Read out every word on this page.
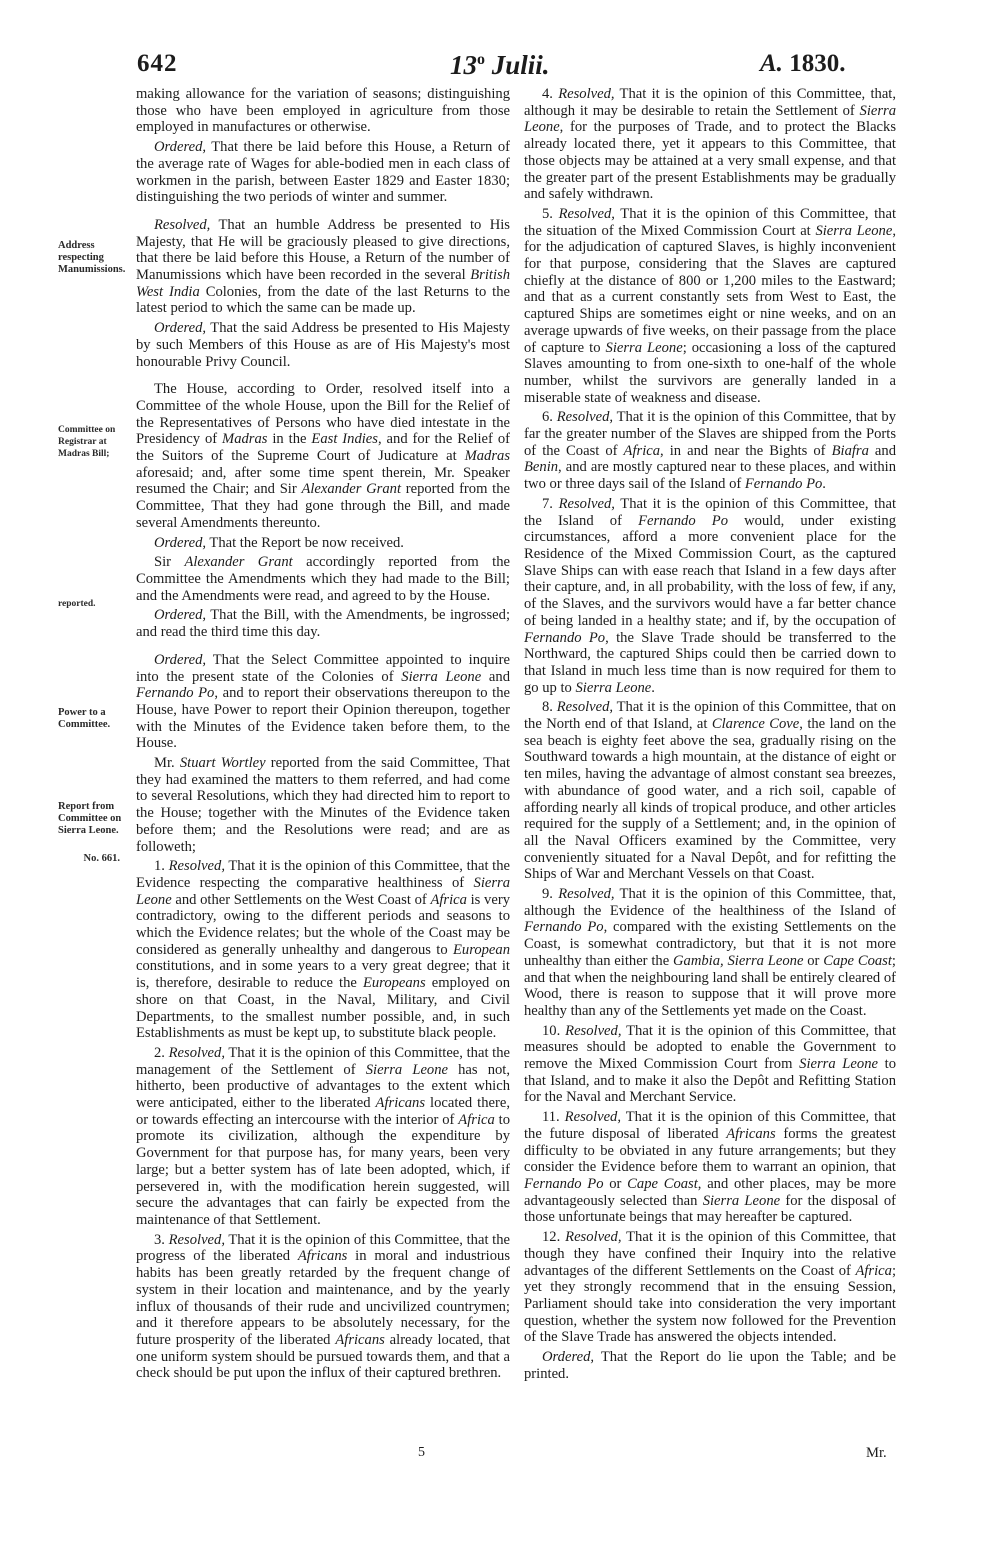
642	13$^o$ Julii.	A. 1830.
Address respecting Manumissions.
Committee on Registrar at Madras Bill;
reported.
Power to a Committee.
Report from Committee on Sierra Leone.
No. 661.

making allowance for the variation of seasons; distinguishing those who have been employed in agriculture from those employed in manufactures or otherwise.

Ordered, That there be laid before this House, a Return of the average rate of Wages for able-bodied men in each class of workmen in the parish, between Easter 1829 and Easter 1830; distinguishing the two periods of winter and summer.

Resolved, That an humble Address be presented to His Majesty, that He will be graciously pleased to give directions, that there be laid before this House, a Return of the number of Manumissions which have been recorded in the several British West India Colonies, from the date of the last Returns to the latest period to which the same can be made up.

Ordered, That the said Address be presented to His Majesty by such Members of this House as are of His Majesty's most honourable Privy Council.

The House, according to Order, resolved itself into a Committee of the whole House, upon the Bill for the Relief of the Representatives of Persons who have died intestate in the Presidency of Madras in the East Indies, and for the Relief of the Suitors of the Supreme Court of Judicature at Madras aforesaid; and, after some time spent therein, Mr. Speaker resumed the Chair; and Sir Alexander Grant reported from the Committee, That they had gone through the Bill, and made several Amendments thereunto.

Ordered, That the Report be now received.

Sir Alexander Grant accordingly reported from the Committee the Amendments which they had made to the Bill; and the Amendments were read, and agreed to by the House.

Ordered, That the Bill, with the Amendments, be ingrossed; and read the third time this day.

Ordered, That the Select Committee appointed to inquire into the present state of the Colonies of Sierra Leone and Fernando Po, and to report their observations thereupon to the House, have Power to report their Opinion thereupon, together with the Minutes of the Evidence taken before them, to the House.

Mr. Stuart Wortley reported from the said Committee, That they had examined the matters to them referred, and had come to several Resolutions, which they had directed him to report to the House; together with the Minutes of the Evidence taken before them; and the Resolutions were read; and are as followeth;

1. Resolved, That it is the opinion of this Committee, that the Evidence respecting the comparative healthiness of Sierra Leone and other Settlements on the West Coast of Africa is very contradictory, owing to the different periods and seasons to which the Evidence relates; but the whole of the Coast may be considered as generally unhealthy and dangerous to European constitutions, and in some years to a very great degree; that it is, therefore, desirable to reduce the Europeans employed on shore on that Coast, in the Naval, Military, and Civil Departments, to the smallest number possible, and, in such Establishments as must be kept up, to substitute black people.

2. Resolved, That it is the opinion of this Committee, that the management of the Settlement of Sierra Leone has not, hitherto, been productive of advantages to the extent which were anticipated, either to the liberated Africans located there, or towards effecting an intercourse with the interior of Africa to promote its civilization, although the expenditure by Government for that purpose has, for many years, been very large; but a better system has of late been adopted, which, if persevered in, with the modification herein suggested, will secure the advantages that can fairly be expected from the maintenance of that Settlement.

3. Resolved, That it is the opinion of this Committee, that the progress of the liberated Africans in moral and industrious habits has been greatly retarded by the frequent change of system in their location and maintenance, and by the yearly influx of thousands of their rude and uncivilized countrymen; and it therefore appears to be absolutely necessary, for the future prosperity of the liberated Africans already located, that one uniform system should be pursued towards them, and that a check should be put upon the influx of their captured brethren.

4. Resolved, That it is the opinion of this Committee, that, although it may be desirable to retain the Settlement of Sierra Leone, for the purposes of Trade, and to protect the Blacks already located there, yet it appears to this Committee, that those objects may be attained at a very small expense, and that the greater part of the present Establishments may be gradually and safely withdrawn.

5. Resolved, That it is the opinion of this Committee, that the situation of the Mixed Commission Court at Sierra Leone, for the adjudication of captured Slaves, is highly inconvenient for that purpose, considering that the Slaves are captured chiefly at the distance of 800 or 1,200 miles to the Eastward; and that as a current constantly sets from West to East, the captured Ships are sometimes eight or nine weeks, and on an average upwards of five weeks, on their passage from the place of capture to Sierra Leone; occasioning a loss of the captured Slaves amounting to from one-sixth to one-half of the whole number, whilst the survivors are generally landed in a miserable state of weakness and disease.

6. Resolved, That it is the opinion of this Committee, that by far the greater number of the Slaves are shipped from the Ports of the Coast of Africa, in and near the Bights of Biafra and Benin, and are mostly captured near to these places, and within two or three days sail of the Island of Fernando Po.

7. Resolved, That it is the opinion of this Committee, that the Island of Fernando Po would, under existing circumstances, afford a more convenient place for the Residence of the Mixed Commission Court, as the captured Slave Ships can with ease reach that Island in a few days after their capture, and, in all probability, with the loss of few, if any, of the Slaves, and the survivors would have a far better chance of being landed in a healthy state; and if, by the occupation of Fernando Po, the Slave Trade should be transferred to the Northward, the captured Ships could then be carried down to that Island in much less time than is now required for them to go up to Sierra Leone.

8. Resolved, That it is the opinion of this Committee, that on the North end of that Island, at Clarence Cove, the land on the sea beach is eighty feet above the sea, gradually rising on the Southward towards a high mountain, at the distance of eight or ten miles, having the advantage of almost constant sea breezes, with abundance of good water, and a rich soil, capable of affording nearly all kinds of tropical produce, and other articles required for the supply of a Settlement; and, in the opinion of all the Naval Officers examined by the Committee, very conveniently situated for a Naval Depôt, and for refitting the Ships of War and Merchant Vessels on that Coast.

9. Resolved, That it is the opinion of this Committee, that, although the Evidence of the healthiness of the Island of Fernando Po, compared with the existing Settlements on the Coast, is somewhat contradictory, but that it is not more unhealthy than either the Gambia, Sierra Leone or Cape Coast; and that when the neighbouring land shall be entirely cleared of Wood, there is reason to suppose that it will prove more healthy than any of the Settlements yet made on the Coast.

10. Resolved, That it is the opinion of this Committee, that measures should be adopted to enable the Government to remove the Mixed Commission Court from Sierra Leone to that Island, and to make it also the Depôt and Refitting Station for the Naval and Merchant Service.

11. Resolved, That it is the opinion of this Committee, that the future disposal of liberated Africans forms the greatest difficulty to be obviated in any future arrangements; but they consider the Evidence before them to warrant an opinion, that Fernando Po or Cape Coast, and other places, may be more advantageously selected than Sierra Leone for the disposal of those unfortunate beings that may hereafter be captured.

12. Resolved, That it is the opinion of this Committee, that though they have confined their Inquiry into the relative advantages of the different Settlements on the Coast of Africa; yet they strongly recommend that in the ensuing Session, Parliament should take into consideration the very important question, whether the system now followed for the Prevention of the Slave Trade has answered the objects intended.

Ordered, That the Report do lie upon the Table; and be printed.

5	Mr.
